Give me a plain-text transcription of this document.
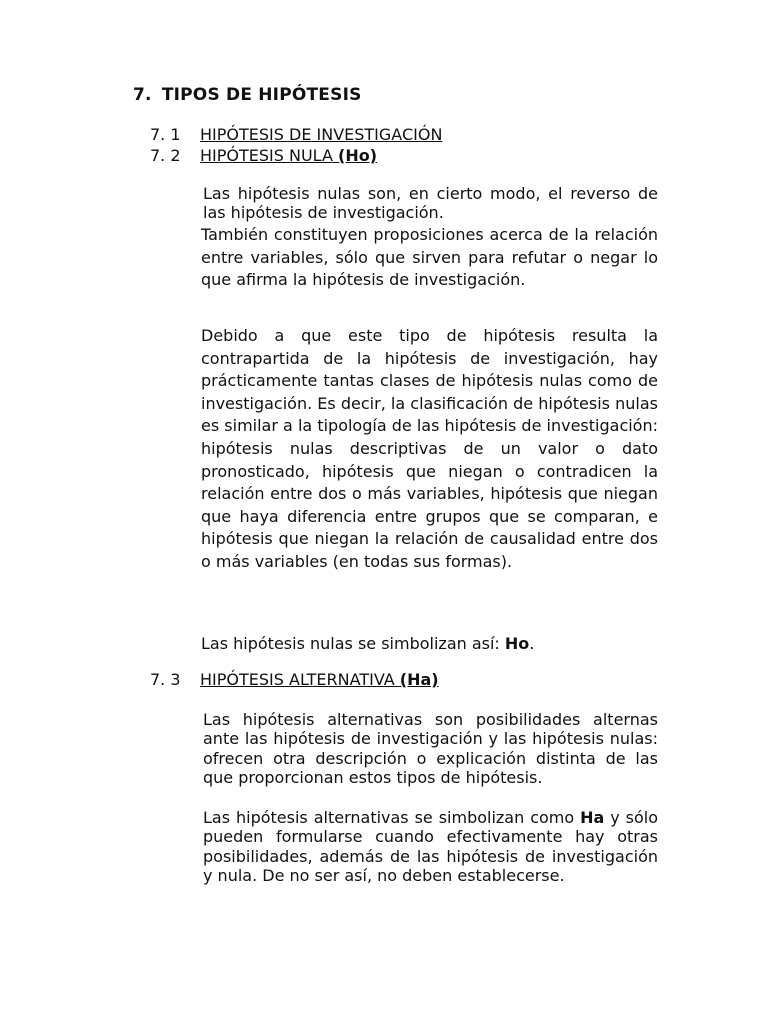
7. TIPOS DE HIPÓTESIS
7. 1 HIPÓTESIS DE INVESTIGACIÓN
7. 2 HIPÓTESIS NULA (Ho)
Las hipótesis nulas son, en cierto modo, el reverso de las hipótesis de investigación.
También constituyen proposiciones acerca de la relación entre variables, sólo que sirven para refutar o negar lo que afirma la hipótesis de investigación.
Debido a que este tipo de hipótesis resulta la contrapartida de la hipótesis de investigación, hay prácticamente tantas clases de hipótesis nulas como de investigación. Es decir, la clasificación de hipótesis nulas es similar a la tipología de las hipótesis de investigación: hipótesis nulas descriptivas de un valor o dato pronosticado, hipótesis que niegan o contradicen la relación entre dos o más variables, hipótesis que niegan que haya diferencia entre grupos que se comparan, e hipótesis que niegan la relación de causalidad entre dos o más variables (en todas sus formas).
Las hipótesis nulas se simbolizan así: Ho.
7. 3 HIPÓTESIS ALTERNATIVA (Ha)
Las hipótesis alternativas son posibilidades alternas ante las hipótesis de investigación y las hipótesis nulas: ofrecen otra descripción o explicación distinta de las que proporcionan estos tipos de hipótesis.
Las hipótesis alternativas se simbolizan como Ha y sólo pueden formularse cuando efectivamente hay otras posibilidades, además de las hipótesis de investigación y nula. De no ser así, no deben establecerse.
